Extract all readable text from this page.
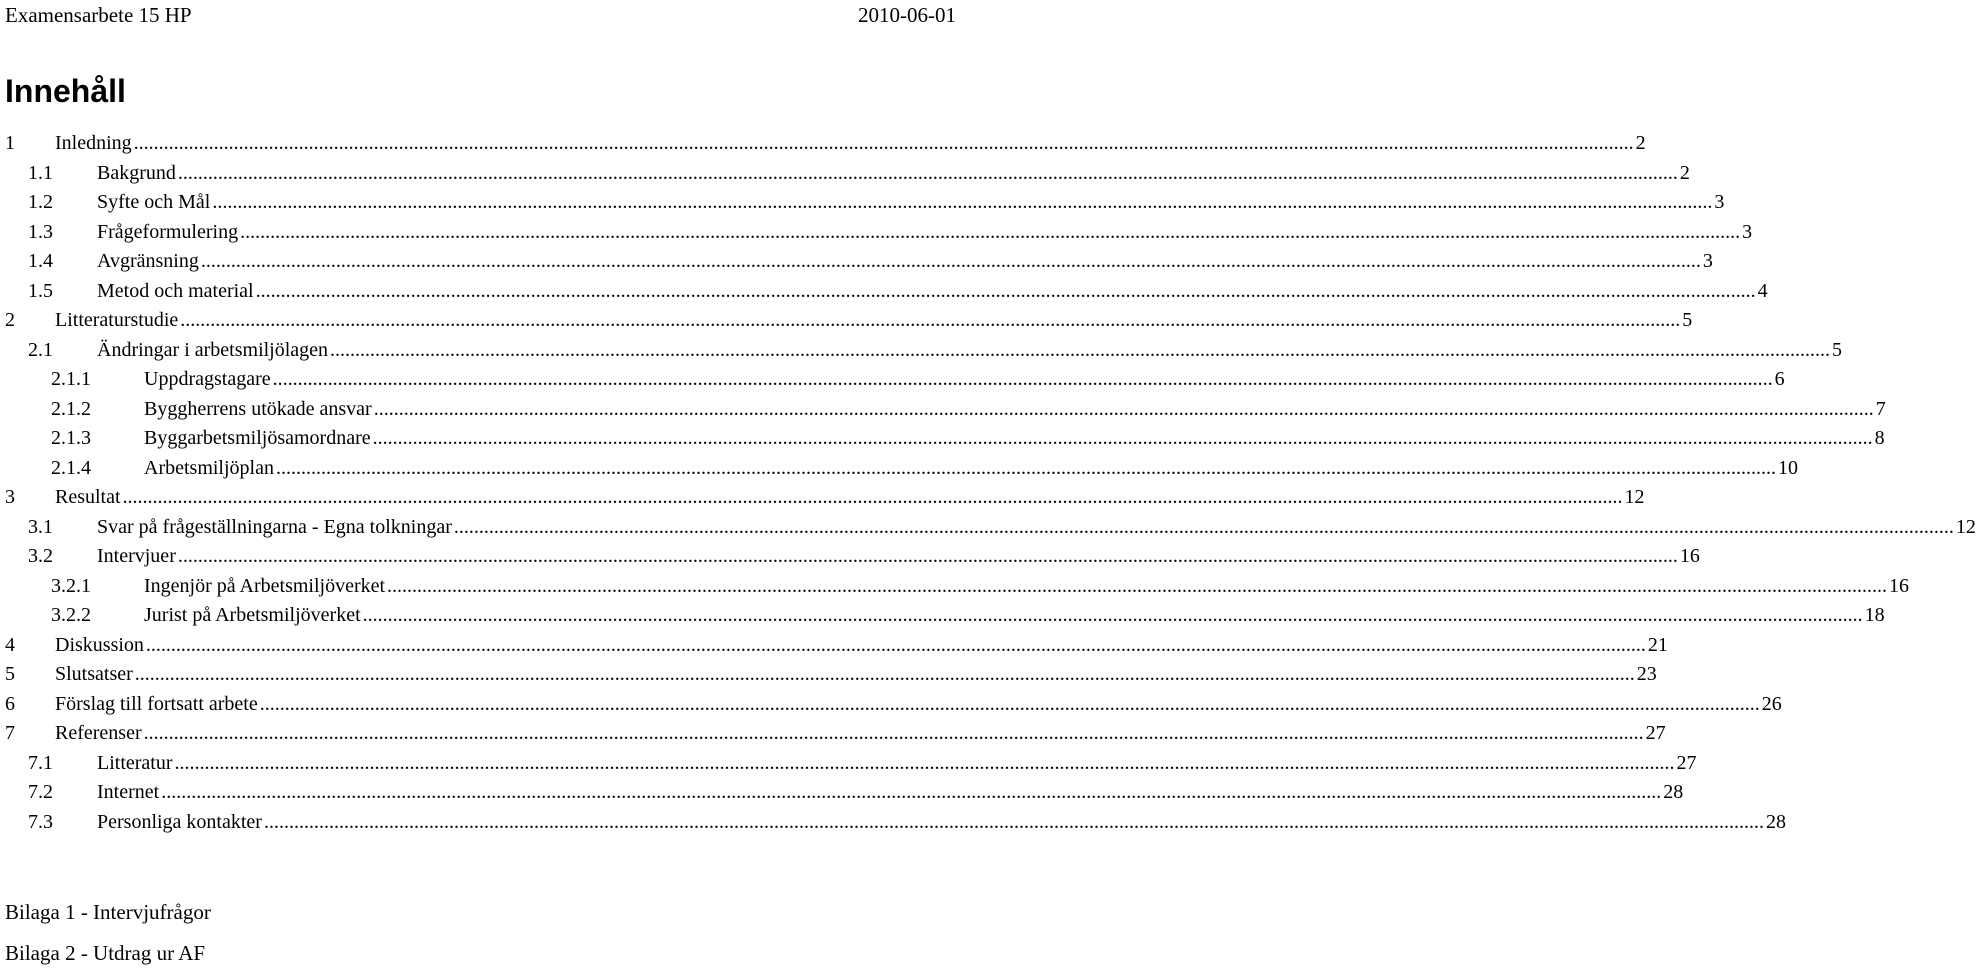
Examensarbete 15 HP	2010-06-01
Innehåll
1	Inledning ............................................................................................................................................................................................................................................................................................................ 2
1.1	Bakgrund ............................................................................................................................................................................................................................................................................................................ 2
1.2	Syfte och Mål ............................................................................................................................................................................................................................................................................................................ 3
1.3	Frågeformulering ............................................................................................................................................................................................................................................................................................................ 3
1.4	Avgränsning ............................................................................................................................................................................................................................................................................................................ 3
1.5	Metod och material ............................................................................................................................................................................................................................................................................................................ 4
2	Litteraturstudie ............................................................................................................................................................................................................................................................................................................ 5
2.1	Ändringar i arbetsmiljölagen ............................................................................................................................................................................................................................................................................................................ 5
2.1.1	Uppdragstagare ............................................................................................................................................................................................................................................................................................................ 6
2.1.2	Byggherrens utökade ansvar ............................................................................................................................................................................................................................................................................................................ 7
2.1.3	Byggarbetsmiljösamordnare ............................................................................................................................................................................................................................................................................................................ 8
2.1.4	Arbetsmiljöplan ............................................................................................................................................................................................................................................................................................................ 10
3	Resultat ............................................................................................................................................................................................................................................................................................................ 12
3.1	Svar på frågeställningarna - Egna tolkningar ............................................................................................................................................................................................................................................................................................................ 12
3.2	Intervjuer ............................................................................................................................................................................................................................................................................................................ 16
3.2.1	Ingenjör på Arbetsmiljöverket ............................................................................................................................................................................................................................................................................................................ 16
3.2.2	Jurist på Arbetsmiljöverket ............................................................................................................................................................................................................................................................................................................ 18
4	Diskussion ............................................................................................................................................................................................................................................................................................................ 21
5	Slutsatser ............................................................................................................................................................................................................................................................................................................ 23
6	Förslag till fortsatt arbete ............................................................................................................................................................................................................................................................................................................ 26
7	Referenser ............................................................................................................................................................................................................................................................................................................ 27
7.1	Litteratur ............................................................................................................................................................................................................................................................................................................ 27
7.2	Internet ............................................................................................................................................................................................................................................................................................................ 28
7.3	Personliga kontakter ............................................................................................................................................................................................................................................................................................................ 28
Bilaga 1 - Intervjufrågor
Bilaga 2 - Utdrag ur AF
